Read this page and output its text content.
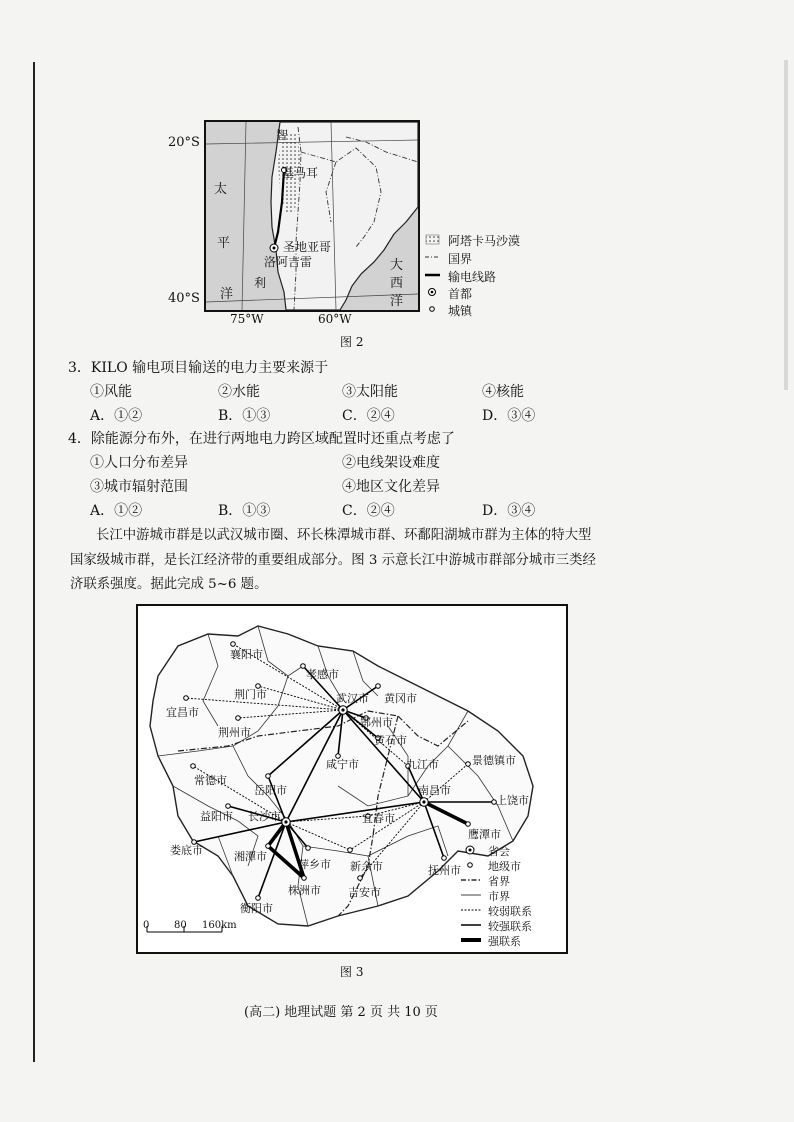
20°S
40°S
智
基马耳
圣地亚哥
洛阿吉雷
利
太
平
洋
大
西
洋
75°W	60°W
阿塔卡马沙漠
国界
输电线路
首都
城镇
图 2
3．KILO 输电项目输送的电力主要来源于
①风能	②水能	③太阳能	④核能
A．①②	B．①③	C．②④	D．③④
4．除能源分布外，在进行两地电力跨区域配置时还重点考虑了
①人口分布差异	②电线架设难度
③城市辐射范围	④地区文化差异
A．①②	B．①③	C．②④	D．③④
长江中游城市群是以武汉城市圈、环长株潭城市群、环鄱阳湖城市群为主体的特大型
国家级城市群，是长江经济带的重要组成部分。图 3 示意长江中游城市群部分城市三类经
济联系强度。据此完成 5~6 题。
襄阳市
孝感市
荆门市	武汉市 黄冈市
宜昌市
鄂州市
荆州市
黄石市
咸宁市	九江市	景德镇市
常德市
岳阳市	南昌市
上饶市
益阳市 长沙市	宜春市
鹰潭市
娄底市	湘潭市
萍乡市 新余市	抚州市
株洲市 吉安市
衡阳市
0 80 160km
省会
地级市
省界
市界
较弱联系
较强联系
强联系
图 3
(高二) 地理试题 第 2 页 共 10 页
